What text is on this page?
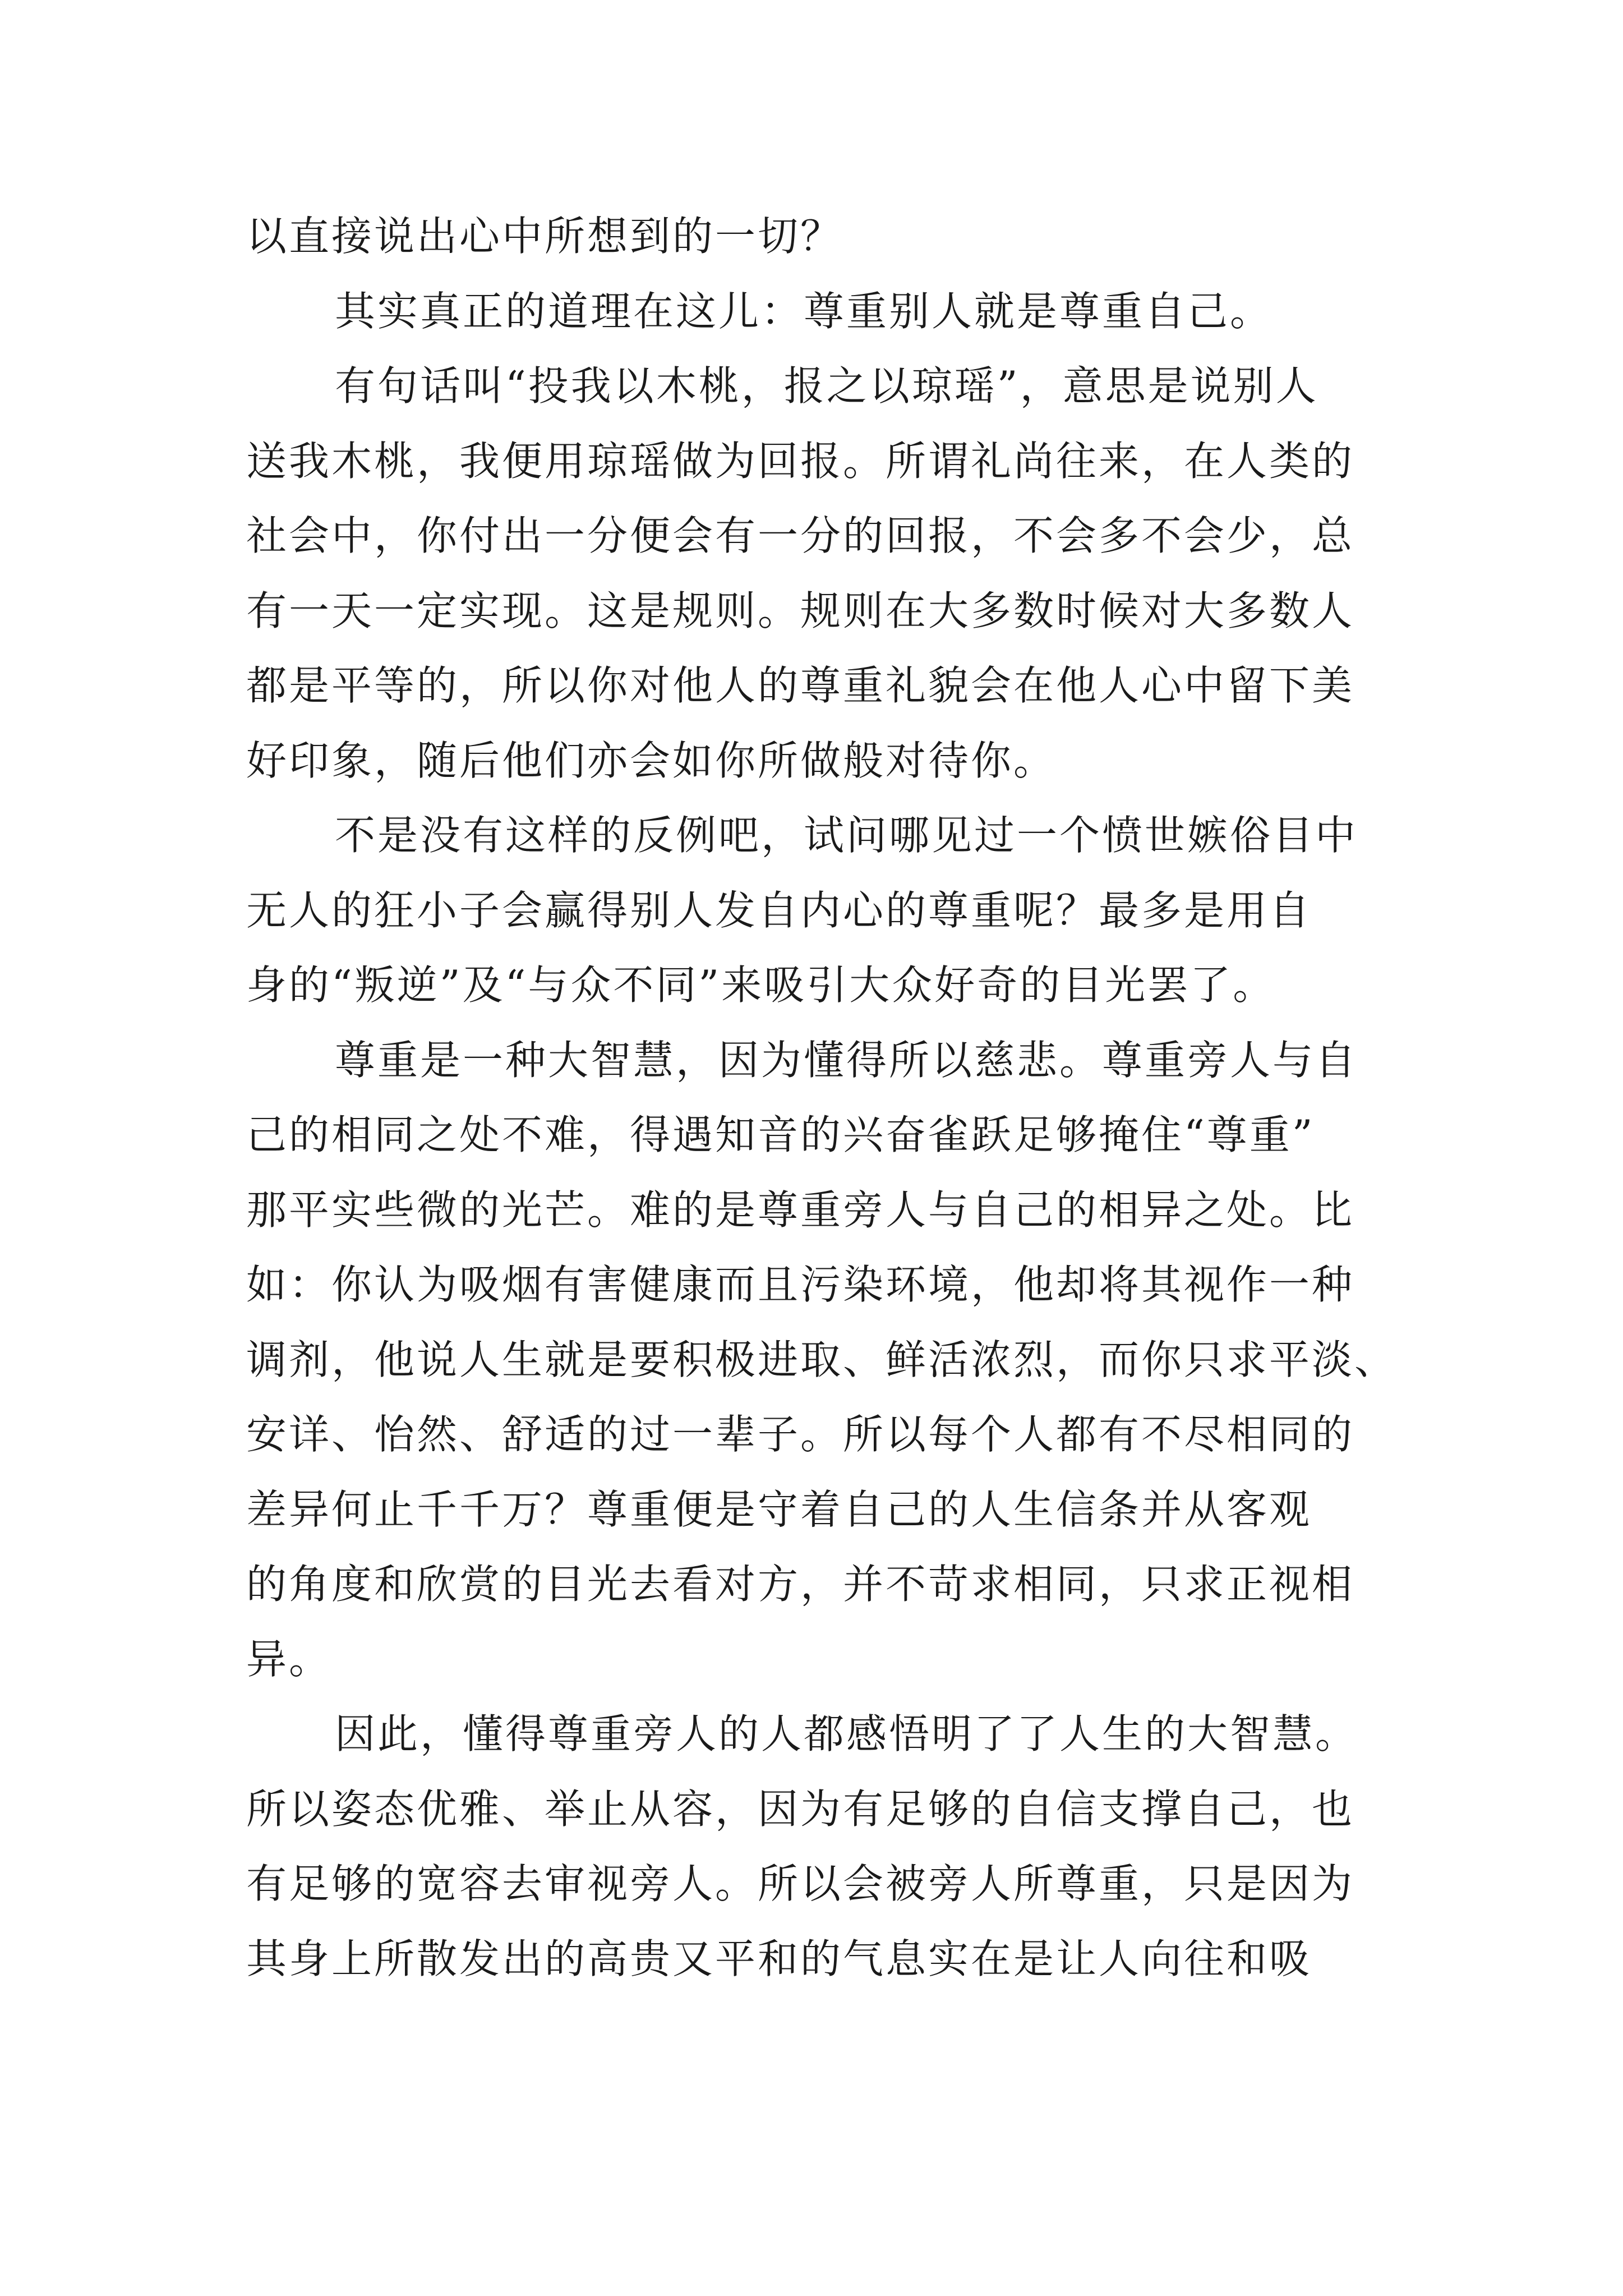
以直接说出心中所想到的一切？
其实真正的道理在这儿：尊重别人就是尊重自己。
有句话叫“投我以木桃，报之以琼瑶”，意思是说别人
送我木桃，我便用琼瑶做为回报。所谓礼尚往来，在人类的
社会中，你付出一分便会有一分的回报，不会多不会少，总
有一天一定实现。这是规则。规则在大多数时候对大多数人
都是平等的，所以你对他人的尊重礼貌会在他人心中留下美
好印象，随后他们亦会如你所做般对待你。
不是没有这样的反例吧，试问哪见过一个愤世嫉俗目中
无人的狂小子会赢得别人发自内心的尊重呢？最多是用自
身的“叛逆”及“与众不同”来吸引大众好奇的目光罢了。
尊重是一种大智慧，因为懂得所以慈悲。尊重旁人与自
己的相同之处不难，得遇知音的兴奋雀跃足够掩住“尊重”
那平实些微的光芒。难的是尊重旁人与自己的相异之处。比
如：你认为吸烟有害健康而且污染环境，他却将其视作一种
调剂，他说人生就是要积极进取、鲜活浓烈，而你只求平淡、
安详、怡然、舒适的过一辈子。所以每个人都有不尽相同的
差异何止千千万？尊重便是守着自己的人生信条并从客观
的角度和欣赏的目光去看对方，并不苛求相同，只求正视相
异。
因此，懂得尊重旁人的人都感悟明了了人生的大智慧。
所以姿态优雅、举止从容，因为有足够的自信支撑自己，也
有足够的宽容去审视旁人。所以会被旁人所尊重，只是因为
其身上所散发出的高贵又平和的气息实在是让人向往和吸
